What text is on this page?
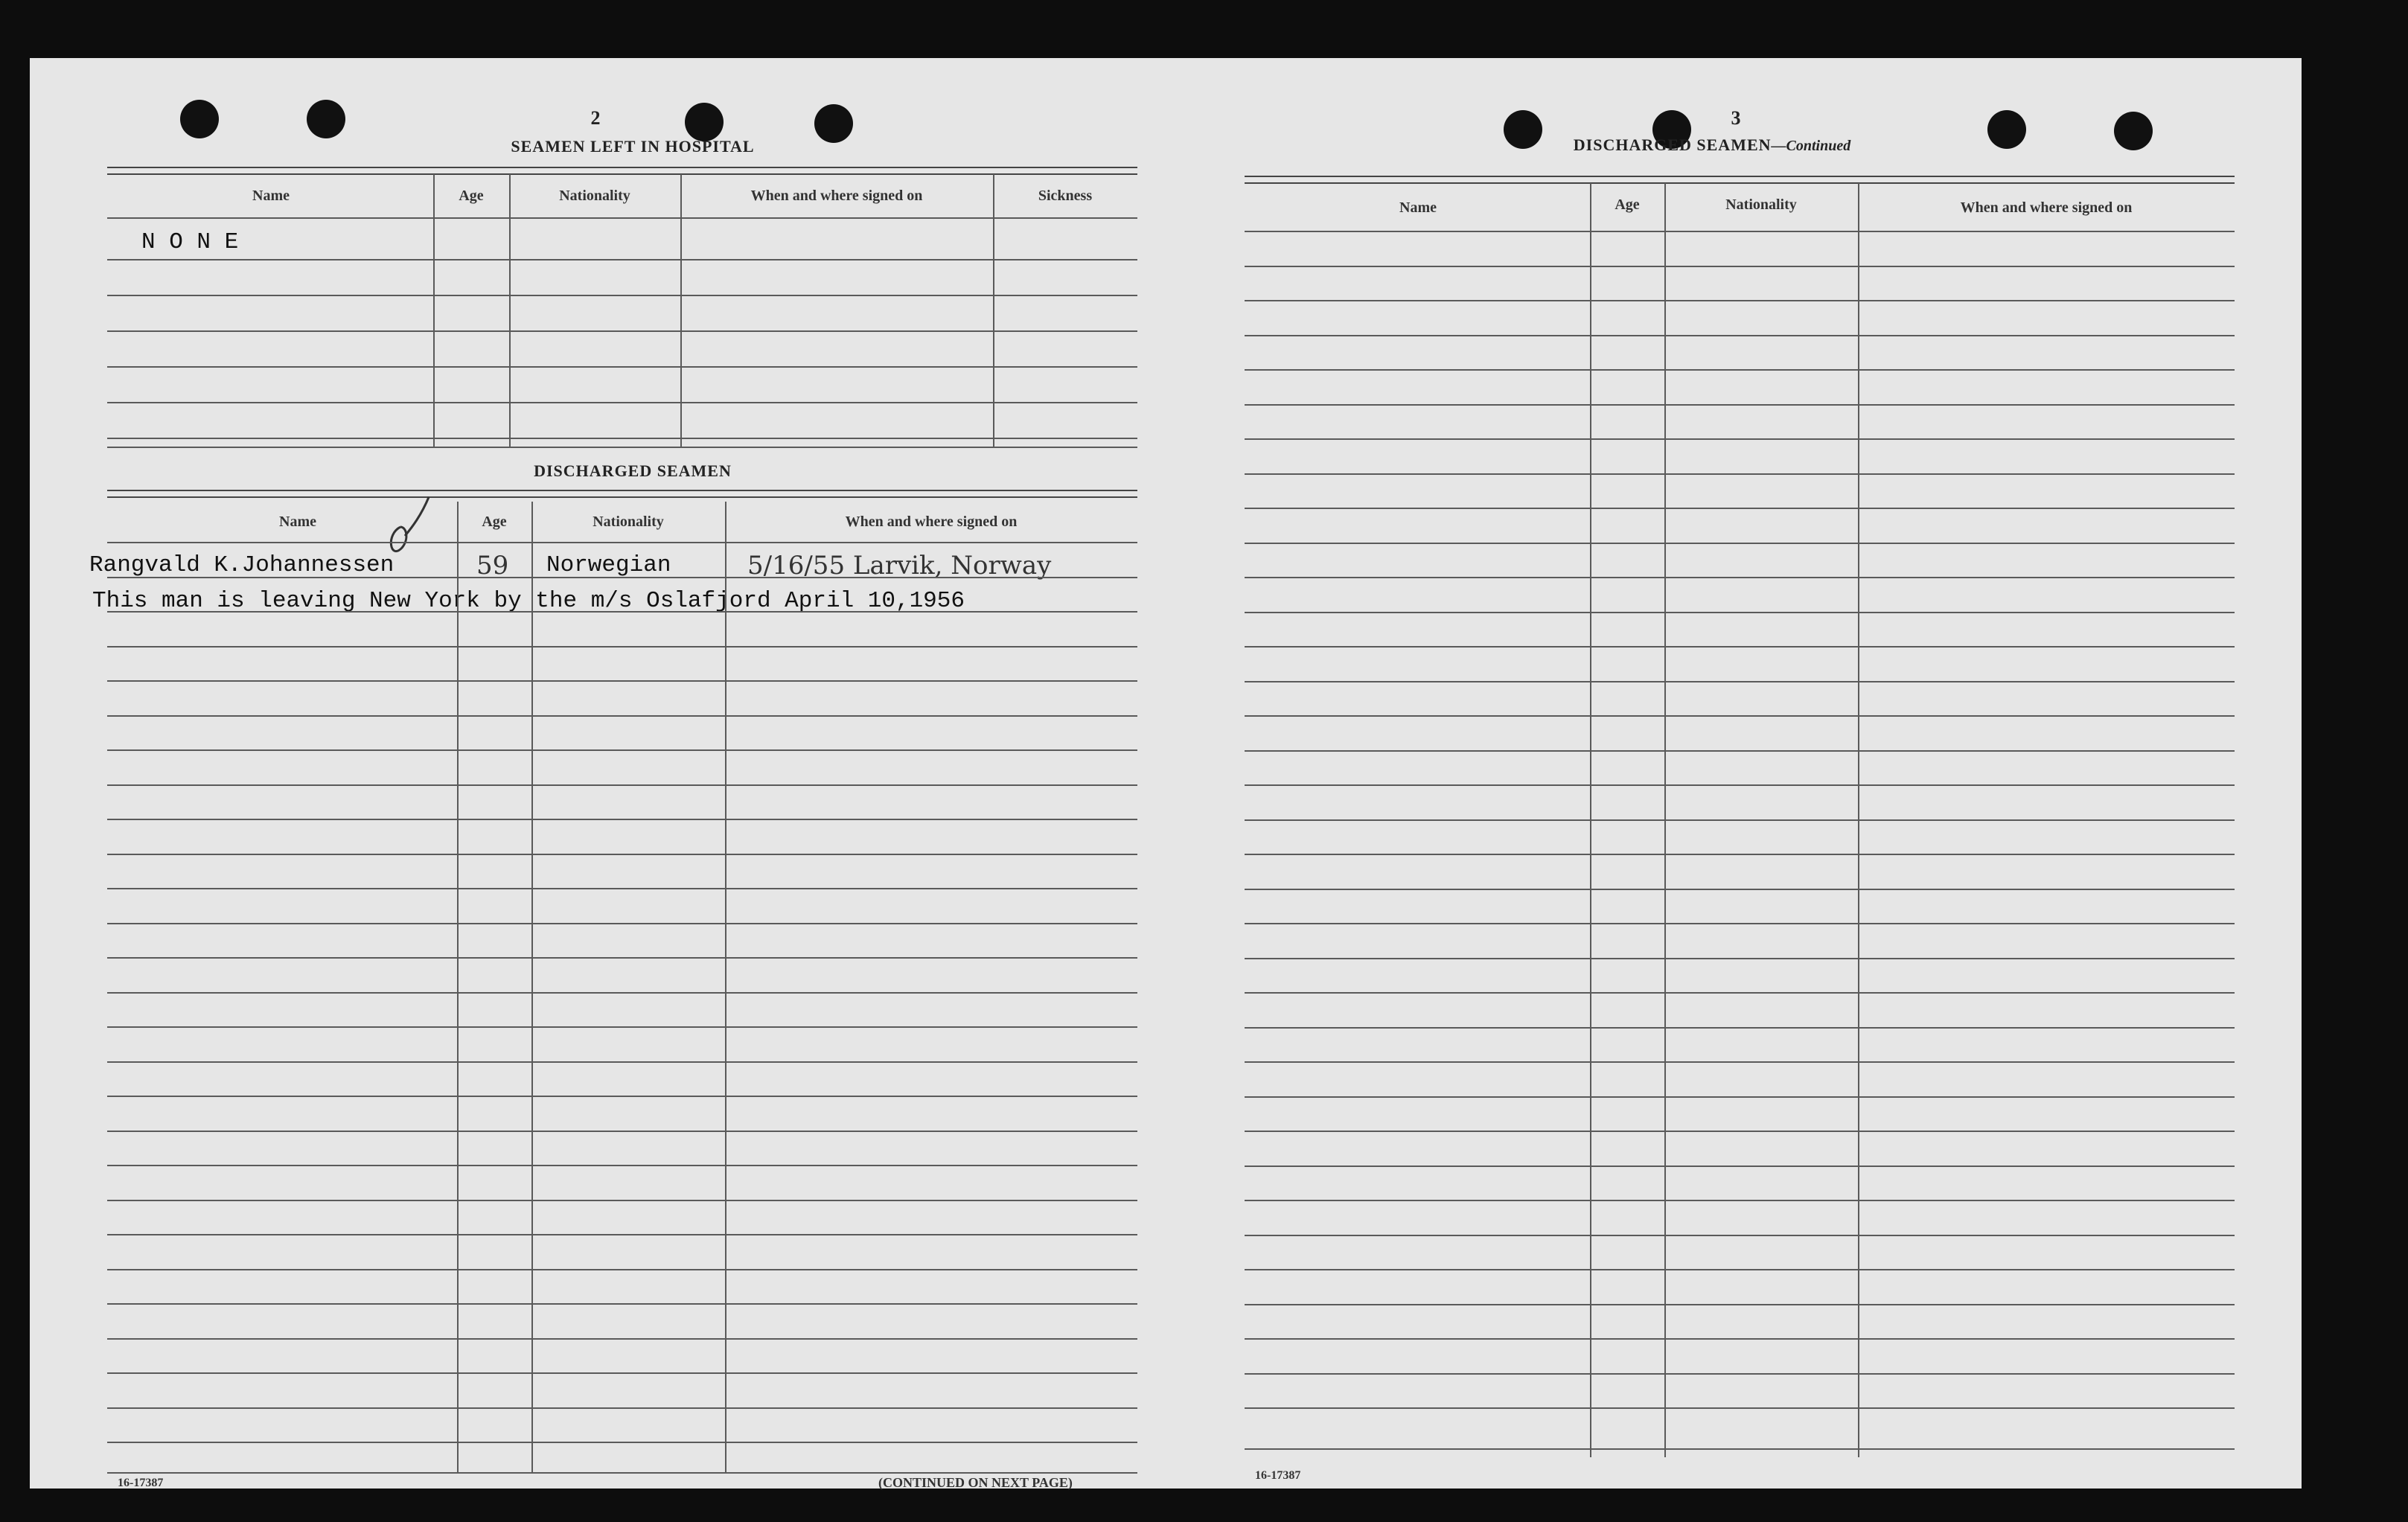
2
SEAMEN LEFT IN HOSPITAL
Name	Age	Nationality	When and where signed on	Sickness
N O N E
DISCHARGED SEAMEN
Name	Age	Nationality	When and where signed on
Rangvald K.Johannessen	59 Norwegian	5/16/55 Larvik, Norway
This man is leaving New York by the m/s Oslafjord April 10,1956
16-17387	(CONTINUED ON NEXT PAGE)
3
DISCHARGED SEAMEN—Continued
Name	Age	Nationality	When and where signed on
16-17387
